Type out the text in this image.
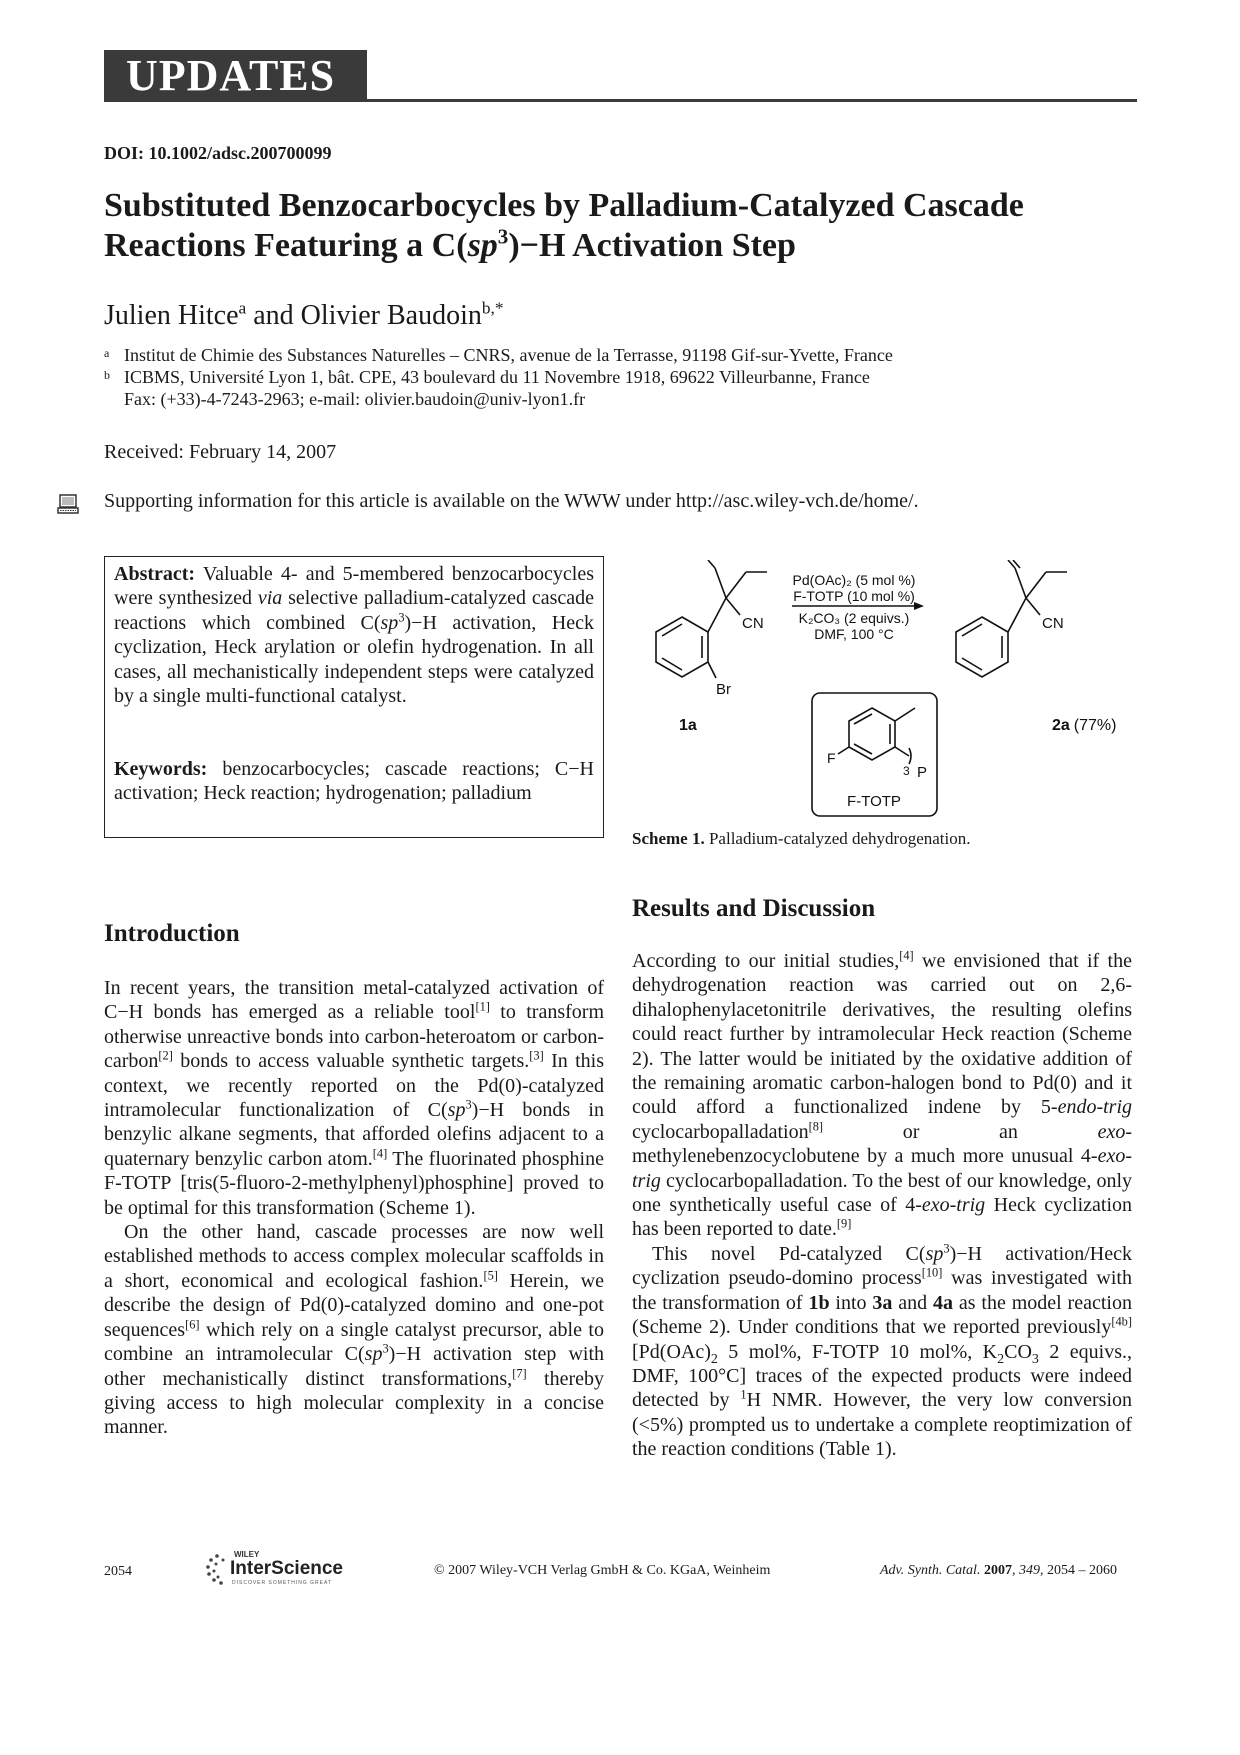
UPDATES
DOI: 10.1002/adsc.200700099
Substituted Benzocarbocycles by Palladium-Catalyzed Cascade
Reactions Featuring a $C(sp^3)-H$ Activation Step
Julien Hitce$^a$ and Olivier Baudoin$^{b,*}$
a Institut de Chimie des Substances Naturelles – CNRS, avenue de la Terrasse, 91198 Gif-sur-Yvette, France
b ICBMS, Université Lyon 1, bât. CPE, 43 boulevard du 11 Novembre 1918, 69622 Villeurbanne, France
Fax: (+33)-4-7243-2963; e-mail: olivier.baudoin@univ-lyon1.fr
Received: February 14, 2007
Supporting information for this article is available on the WWW under http://asc.wiley-vch.de/home/.
Abstract: Valuable 4- and 5-membered benzocarbocycles were synthesized via selective palladium-catalyzed cascade reactions which combined $C(sp^3)-H$ activation, Heck cyclization, Heck arylation or olefin hydrogenation. In all cases, all mechanistically independent steps were catalyzed by a single multi-functional catalyst.
Keywords: benzocarbocycles; cascade reactions; C−H activation; Heck reaction; hydrogenation; palladium
CN
Br
1a
Pd(OAc)₂ (5 mol %)
F-TOTP (10 mol %)
K₂CO₃ (2 equivs.)
DMF, 100 °C
CN
2a (77%)
F
3 P
F-TOTP
Scheme 1. Palladium-catalyzed dehydrogenation.
Introduction

In recent years, the transition metal-catalyzed activation of C−H bonds has emerged as a reliable tool[1] to transform otherwise unreactive bonds into carbon-heteroatom or carbon-carbon[2] bonds to access valuable synthetic targets.[3] In this context, we recently reported on the Pd(0)-catalyzed intramolecular functionalization of $C(sp^3)-H$ bonds in benzylic alkane segments, that afforded olefins adjacent to a quaternary benzylic carbon atom.[4] The fluorinated phosphine F-TOTP [tris(5-fluoro-2-methylphenyl)phosphine] proved to be optimal for this transformation (Scheme 1).

On the other hand, cascade processes are now well established methods to access complex molecular scaffolds in a short, economical and ecological fashion.[5] Herein, we describe the design of Pd(0)-catalyzed domino and one-pot sequences[6] which rely on a single catalyst precursor, able to combine an intramolecular $C(sp^3)-H$ activation step with other mechanistically distinct transformations,[7] thereby giving access to high molecular complexity in a concise manner.

Results and Discussion

According to our initial studies,[4] we envisioned that if the dehydrogenation reaction was carried out on 2,6-dihalophenylacetonitrile derivatives, the resulting olefins could react further by intramolecular Heck reaction (Scheme 2). The latter would be initiated by the oxidative addition of the remaining aromatic carbon-halogen bond to Pd(0) and it could afford a functionalized indene by 5-endo-trig cyclocarbopalladation[8] or an exo-methylenebenzocyclobutene by a much more unusual 4-exo-trig cyclocarbopalladation. To the best of our knowledge, only one synthetically useful case of 4-exo-trig Heck cyclization has been reported to date.[9]

This novel Pd-catalyzed $C(sp^3)-H$ activation/Heck cyclization pseudo-domino process[10] was investigated with the transformation of 1b into 3a and 4a as the model reaction (Scheme 2). Under conditions that we reported previously[4b] [$Pd(OAc)_2$ 5 mol%, F-TOTP 10 mol%, $K_2CO_3$ 2 equivs., DMF, 100°C] traces of the expected products were indeed detected by $^1$H NMR. However, the very low conversion (<5%) prompted us to undertake a complete reoptimization of the reaction conditions (Table 1).

2054
WILEY
InterScience
DISCOVER SOMETHING GREAT
© 2007 Wiley-VCH Verlag GmbH & Co. KGaA, Weinheim	Adv. Synth. Catal. 2007, 349, 2054 – 2060
